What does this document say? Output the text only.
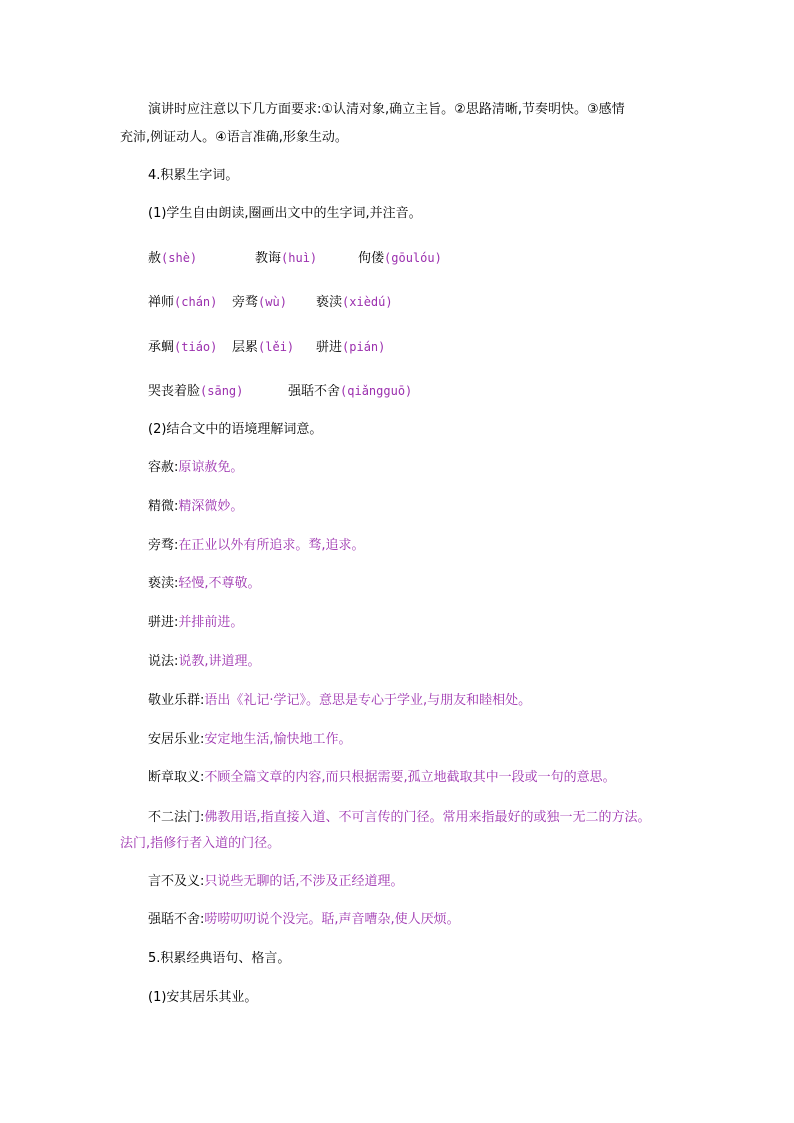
演讲时应注意以下几方面要求:①认清对象,确立主旨。②思路清晰,节奏明快。③感情
充沛,例证动人。④语言准确,形象生动。
4.积累生字词。
(1)学生自由朗读,圈画出文中的生字词,并注音。
赦(shè)	教诲(huì)	佝偻(gōulóu)
禅师(chán) 旁骛(wù) 亵渎(xièdú)
承蜩(tiáo) 层累(lěi) 骈进(pián)
哭丧着脸(sāng)	强聒不舍(qiǎngguō)
(2)结合文中的语境理解词意。
容赦:原谅赦免。
精微:精深微妙。
旁骛:在正业以外有所追求。骛,追求。
亵渎:轻慢,不尊敬。
骈进:并排前进。
说法:说教,讲道理。
敬业乐群:语出《礼记·学记》。意思是专心于学业,与朋友和睦相处。
安居乐业:安定地生活,愉快地工作。
断章取义:不顾全篇文章的内容,而只根据需要,孤立地截取其中一段或一句的意思。
不二法门:佛教用语,指直接入道、不可言传的门径。常用来指最好的或独一无二的方法。
法门,指修行者入道的门径。
言不及义:只说些无聊的话,不涉及正经道理。
强聒不舍:唠唠叨叨说个没完。聒,声音嘈杂,使人厌烦。
5.积累经典语句、格言。
(1)安其居乐其业。
